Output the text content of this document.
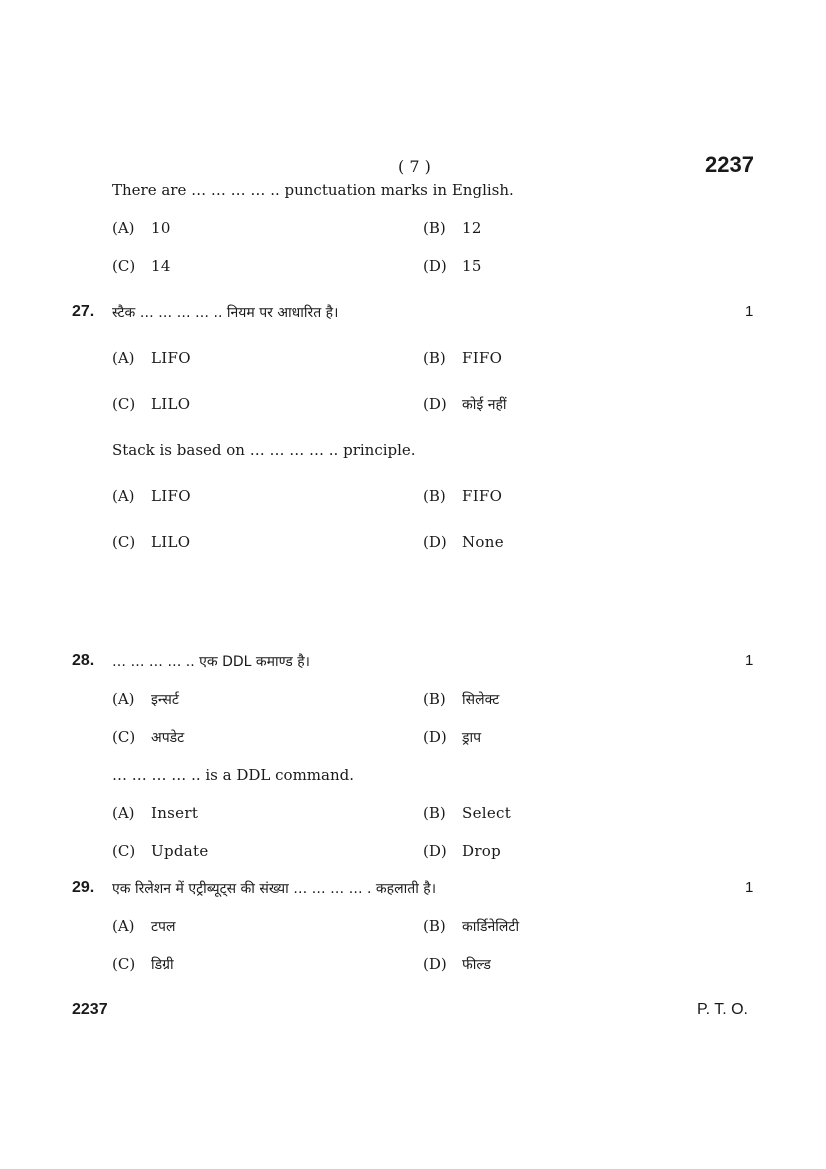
( 7 )	2237
There are … … … … .. punctuation marks in English.
(A) 10	(B) 12
(C) 14	(D) 15
27. स्टैक … … … … .. नियम पर आधारित है।	1
(A) LIFO	(B) FIFO
(C) LILO	(D) कोई नहीं
Stack is based on … … … … .. principle.
(A) LIFO	(B) FIFO
(C) LILO	(D) None
28. … … … … .. एक DDL कमाण्ड है।	1
(A) इन्सर्ट	(B) सिलेक्ट
(C) अपडेट	(D) ड्राप
… … … … .. is a DDL command.
(A) Insert	(B) Select
(C) Update	(D) Drop
29. एक रिलेशन में एट्रीब्यूट्स की संख्या … … … … . कहलाती है।	1
(A) टपल	(B) कार्डिनेलिटी
(C) डिग्री	(D) फील्ड
2237	P. T. O.
